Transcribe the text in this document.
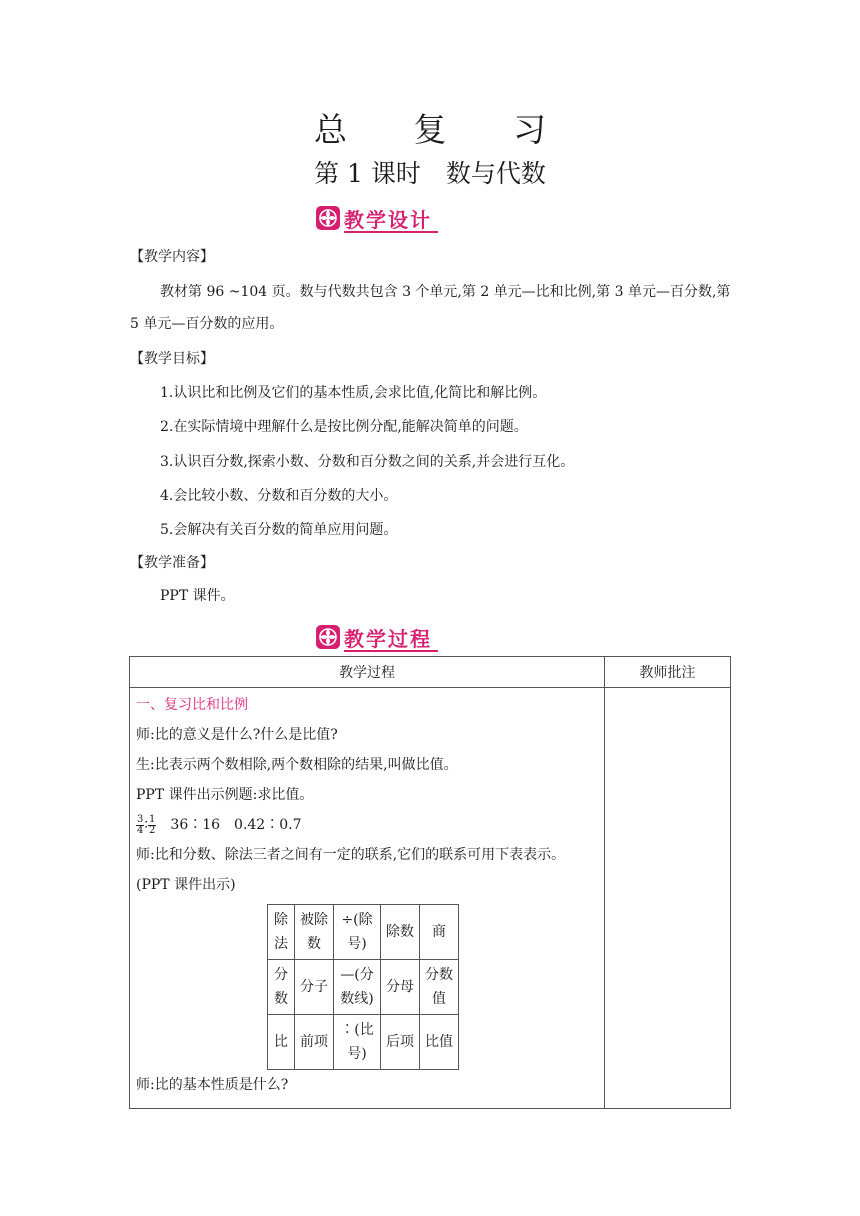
总 复 习
第 1 课时　数与代数
教学设计
【教学内容】
教材第 96 ~104 页。数与代数共包含 3 个单元,第 2 单元—比和比例,第 3 单元—百分数,第 5 单元—百分数的应用。
【教学目标】
1.认识比和比例及它们的基本性质,会求比值,化简比和解比例。
2.在实际情境中理解什么是按比例分配,能解决简单的问题。
3.认识百分数,探索小数、分数和百分数之间的关系,并会进行互化。
4.会比较小数、分数和百分数的大小。
5.会解决有关百分数的简单应用问题。
【教学准备】
PPT 课件。
教学过程
教学过程	教师批注

一、复习比和比例
师:比的意义是什么?什么是比值?
生:比表示两个数相除,两个数相除的结果,叫做比值。
PPT 课件出示例题:求比值。
$\frac{3}{4}$ ∶ $\frac{1}{2}$ 　36∶16　0.42∶0.7
师:比和分数、除法三者之间有一定的联系,它们的联系可用下表表示。(PPT 课件出示)
除法	被除数	÷(除号)	除数	商
分数	分子	—(分数线)	分母	分数值
比	前项	∶(比号)	后项	比值
师:比的基本性质是什么?
